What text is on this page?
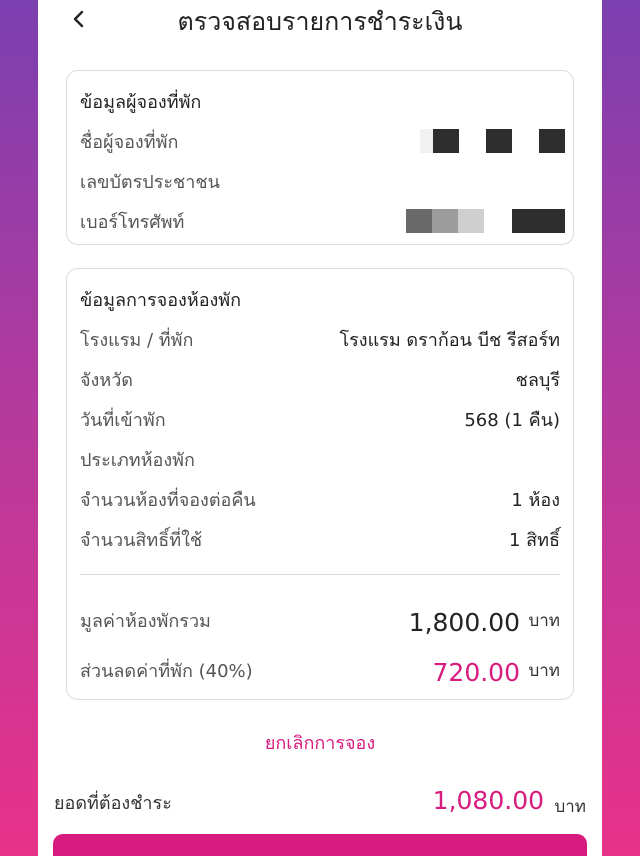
ตรวจสอบรายการชำระเงิน
ข้อมูลผู้จองที่พัก
ชื่อผู้จองที่พัก
เลขบัตรประชาชน
เบอร์โทรศัพท์
ข้อมูลการจองห้องพัก
โรงแรม / ที่พัก	โรงแรม ดราก้อน บีช รีสอร์ท
จังหวัด	ชลบุรี
วันที่เข้าพัก	568 (1 คืน)
ประเภทห้องพัก
จำนวนห้องที่จองต่อคืน	1 ห้อง
จำนวนสิทธิ์ที่ใช้	1 สิทธิ์
มูลค่าห้องพักรวม	1,800.00 บาท
ส่วนลดค่าที่พัก (40%)	720.00 บาท
ยกเลิกการจอง
ยอดที่ต้องชำระ	1,080.00 บาท
